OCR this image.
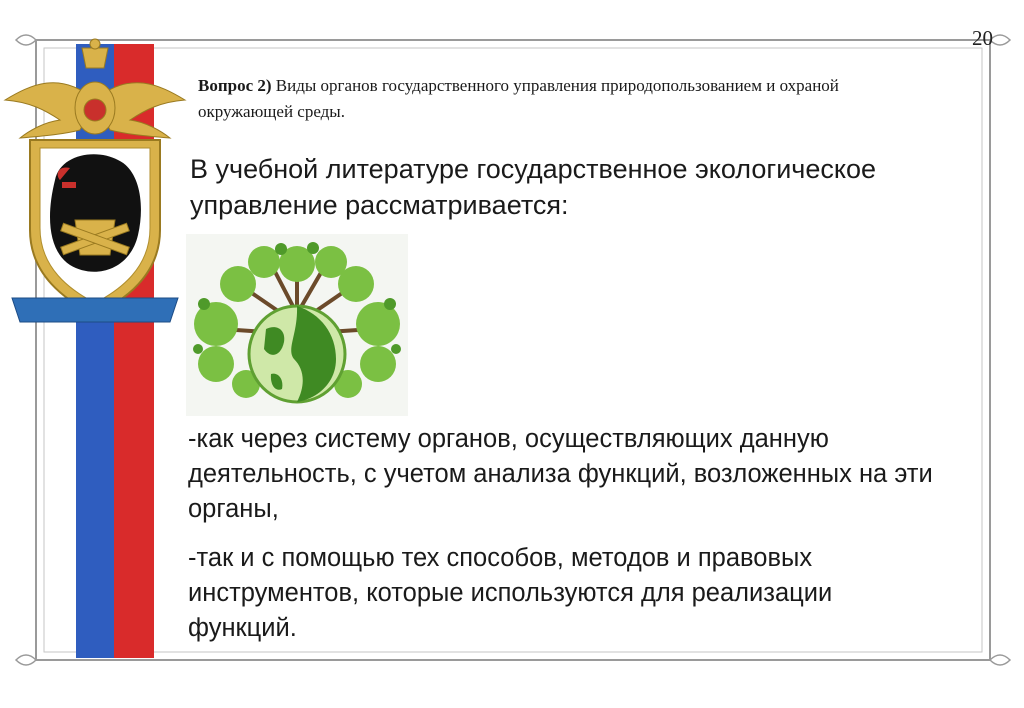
20
Вопрос 2) Виды органов государственного управления природопользованием и охраной окружающей среды.
В учебной литературе государственное экологическое управление рассматривается:
-как через систему органов, осуществляющих данную деятельность, с учетом анализа функций, возложенных на эти органы,
-так и с помощью тех способов, методов и правовых инструментов, которые используются для реализации функций.
